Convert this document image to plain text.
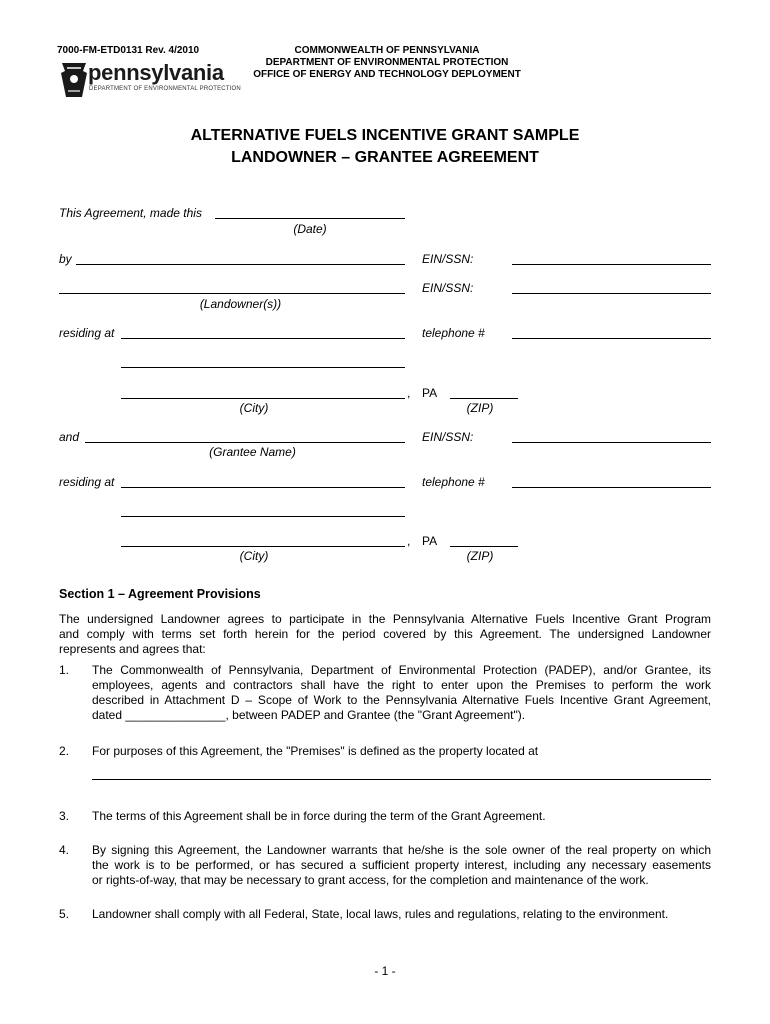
7000-FM-ETD0131 Rev. 4/2010
pennsylvania
DEPARTMENT OF ENVIRONMENTAL PROTECTION
COMMONWEALTH OF PENNSYLVANIA
DEPARTMENT OF ENVIRONMENTAL PROTECTION
OFFICE OF ENERGY AND TECHNOLOGY DEPLOYMENT
ALTERNATIVE FUELS INCENTIVE GRANT SAMPLE
LANDOWNER – GRANTEE AGREEMENT
This Agreement, made this
(Date)
by	EIN/SSN:
EIN/SSN:
(Landowner(s))
residing at	telephone #
, PA
(City)	(ZIP)
and	EIN/SSN:
(Grantee Name)
residing at	telephone #
, PA
(City)	(ZIP)
Section 1 – Agreement Provisions
The undersigned Landowner agrees to participate in the Pennsylvania Alternative Fuels Incentive Grant Program
and comply with terms set forth herein for the period covered by this Agreement. The undersigned Landowner
represents and agrees that:
1. The Commonwealth of Pennsylvania, Department of Environmental Protection (PADEP), and/or Grantee, its
employees, agents and contractors shall have the right to enter upon the Premises to perform the work
described in Attachment D – Scope of Work to the Pennsylvania Alternative Fuels Incentive Grant Agreement,
dated _______________, between PADEP and Grantee (the "Grant Agreement").
2. For purposes of this Agreement, the "Premises" is defined as the property located at
3. The terms of this Agreement shall be in force during the term of the Grant Agreement.
4. By signing this Agreement, the Landowner warrants that he/she is the sole owner of the real property on which
the work is to be performed, or has secured a sufficient property interest, including any necessary easements
or rights-of-way, that may be necessary to grant access, for the completion and maintenance of the work.
5. Landowner shall comply with all Federal, State, local laws, rules and regulations, relating to the environment.
- 1 -
